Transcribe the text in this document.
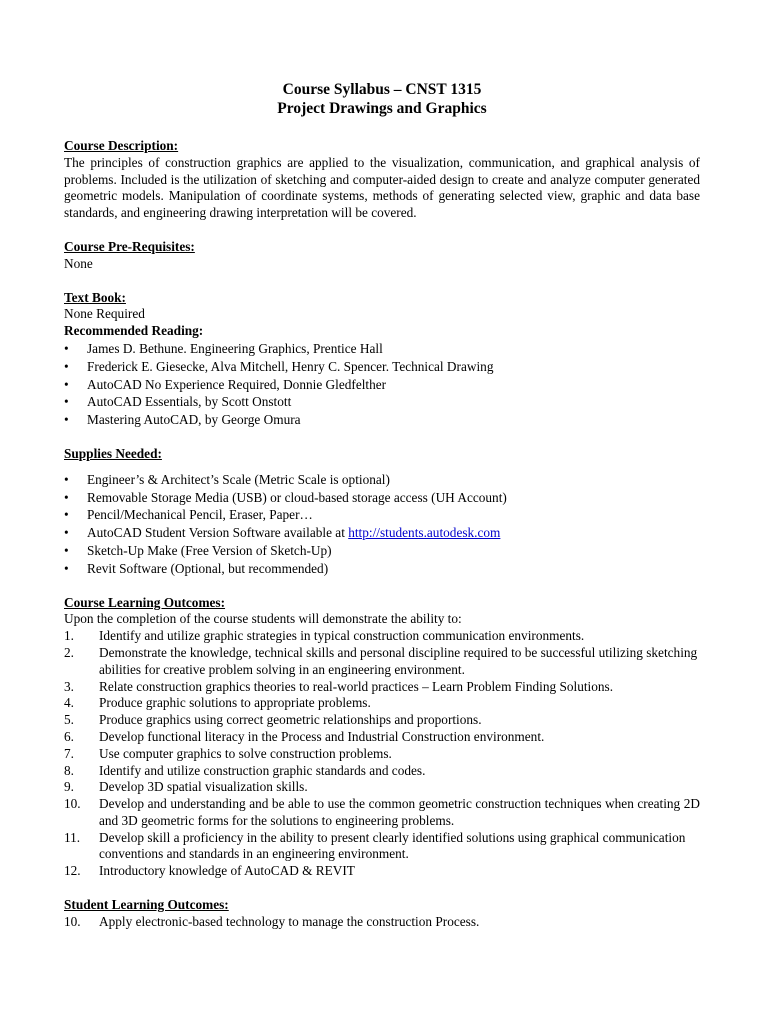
Course Syllabus – CNST 1315
Project Drawings and Graphics
Course Description:
The principles of construction graphics are applied to the visualization, communication, and graphical analysis of problems. Included is the utilization of sketching and computer-aided design to create and analyze computer generated geometric models. Manipulation of coordinate systems, methods of generating selected view, graphic and data base standards, and engineering drawing interpretation will be covered.
Course Pre-Requisites:
None
Text Book:
None Required
Recommended Reading:
• James D. Bethune. Engineering Graphics, Prentice Hall
• Frederick E. Giesecke, Alva Mitchell, Henry C. Spencer. Technical Drawing
• AutoCAD No Experience Required, Donnie Gledfelther
• AutoCAD Essentials, by Scott Onstott
• Mastering AutoCAD, by George Omura
Supplies Needed:
• Engineer’s & Architect’s Scale (Metric Scale is optional)
• Removable Storage Media (USB) or cloud-based storage access (UH Account)
• Pencil/Mechanical Pencil, Eraser, Paper…
• AutoCAD Student Version Software available at http://students.autodesk.com
• Sketch-Up Make (Free Version of Sketch-Up)
• Revit Software (Optional, but recommended)
Course Learning Outcomes:
Upon the completion of the course students will demonstrate the ability to:
1. Identify and utilize graphic strategies in typical construction communication environments.
2. Demonstrate the knowledge, technical skills and personal discipline required to be successful utilizing sketching abilities for creative problem solving in an engineering environment.
3. Relate construction graphics theories to real-world practices – Learn Problem Finding Solutions.
4. Produce graphic solutions to appropriate problems.
5. Produce graphics using correct geometric relationships and proportions.
6. Develop functional literacy in the Process and Industrial Construction environment.
7. Use computer graphics to solve construction problems.
8. Identify and utilize construction graphic standards and codes.
9. Develop 3D spatial visualization skills.
10. Develop and understanding and be able to use the common geometric construction techniques when creating 2D and 3D geometric forms for the solutions to engineering problems.
11. Develop skill a proficiency in the ability to present clearly identified solutions using graphical communication conventions and standards in an engineering environment.
12. Introductory knowledge of AutoCAD & REVIT
Student Learning Outcomes:
10. Apply electronic-based technology to manage the construction Process.
